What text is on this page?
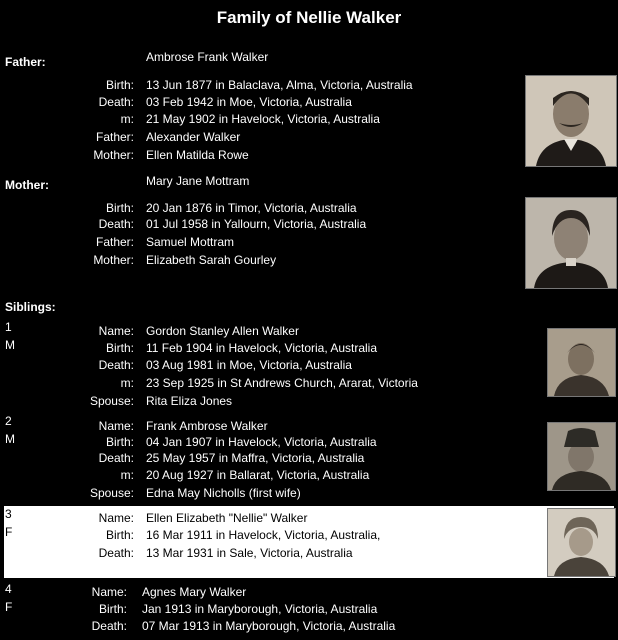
Family of Nellie Walker
Father:	Ambrose Frank Walker
Birth: 13 Jun 1877 in Balaclava, Alma, Victoria, Australia
Death: 03 Feb 1942 in Moe, Victoria, Australia
m: 21 May 1902 in Havelock, Victoria, Australia
Father: Alexander Walker
Mother: Ellen Matilda Rowe
Mother:	Mary Jane Mottram
Birth: 20 Jan 1876 in Timor, Victoria, Australia
Death: 01 Jul 1958 in Yallourn, Victoria, Australia
Father: Samuel Mottram
Mother: Elizabeth Sarah Gourley
Siblings:
1
M
Name: Gordon Stanley Allen Walker
Birth: 11 Feb 1904 in Havelock, Victoria, Australia
Death: 03 Aug 1981 in Moe, Victoria, Australia
m: 23 Sep 1925 in St Andrews Church, Ararat, Victoria
Spouse: Rita Eliza Jones
2
M
Name: Frank Ambrose Walker
Birth: 04 Jan 1907 in Havelock, Victoria, Australia
Death: 25 May 1957 in Maffra, Victoria, Australia
m: 20 Aug 1927 in Ballarat, Victoria, Australia
Spouse: Edna May Nicholls (first wife)
3
F
Name: Ellen Elizabeth "Nellie" Walker
Birth: 16 Mar 1911 in Havelock, Victoria, Australia,
Death: 13 Mar 1931 in Sale, Victoria, Australia
4
F
Name: Agnes Mary Walker
Birth: Jan 1913 in Maryborough, Victoria, Australia
Death: 07 Mar 1913 in Maryborough, Victoria, Australia
